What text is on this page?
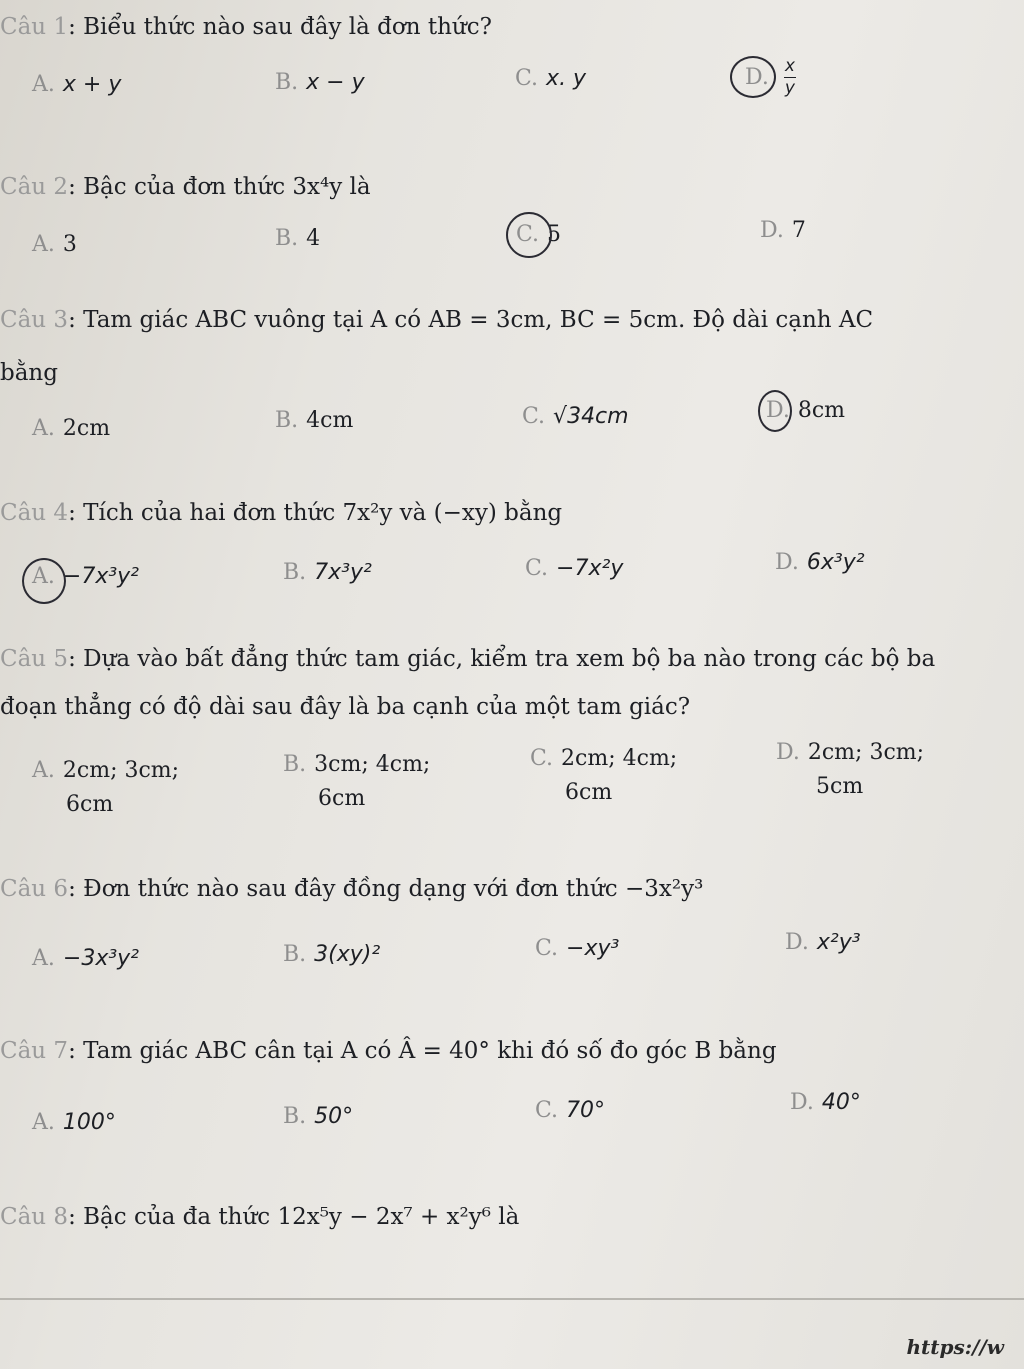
Câu 1: Biểu thức nào sau đây là đơn thức?
A. x + y	B. x − y	C. x. y	D. $\frac{x}{y}$
Câu 2: Bậc của đơn thức 3x⁴y là
A. 3	B. 4	C. 5	D. 7
Câu 3: Tam giác ABC vuông tại A có AB = 3cm, BC = 5cm. Độ dài cạnh AC
bằng
A. 2cm	B. 4cm	C. √34cm	D. 8cm
Câu 4: Tích của hai đơn thức 7x²y và (−xy) bằng
A. −7x³y²	B. 7x³y²	C. −7x²y	D. 6x³y²
Câu 5: Dựa vào bất đẳng thức tam giác, kiểm tra xem bộ ba nào trong các bộ ba
đoạn thẳng có độ dài sau đây là ba cạnh của một tam giác?
A. 2cm; 3cm;
6cm
B. 3cm; 4cm;
6cm
C. 2cm; 4cm;
6cm
D. 2cm; 3cm;
5cm
Câu 6: Đơn thức nào sau đây đồng dạng với đơn thức −3x²y³
A. −3x³y²	B. 3(xy)²	C. −xy³	D. x²y³
Câu 7: Tam giác ABC cân tại A có Â = 40° khi đó số đo góc B bằng
A. 100°	B. 50°	C. 70°	D. 40°
Câu 8: Bậc của đa thức 12x⁵y − 2x⁷ + x²y⁶ là
https://w
